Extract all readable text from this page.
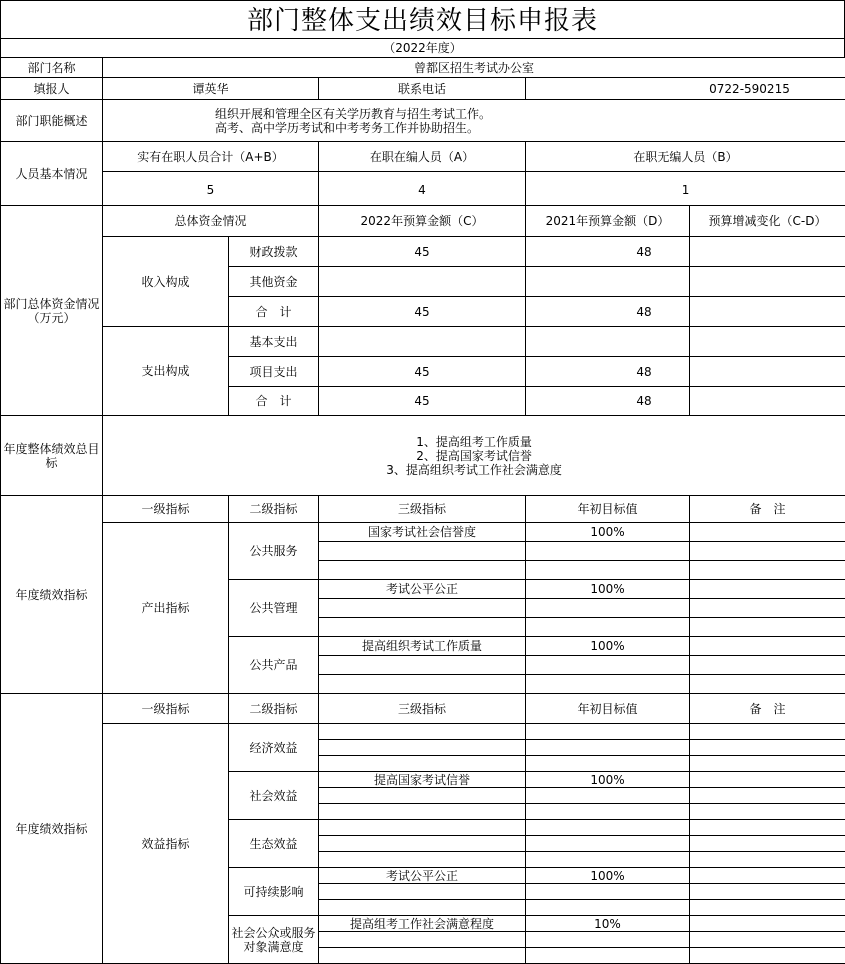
部门整体支出绩效目标申报表
（2022年度）
部门名称	曾都区招生考试办公室				
填报人	谭英华		联系电话	0722-590215	
部门职能概述	组织开展和管理全区有关学历教育与招生考试工作。
高考、高中学历考试和中考考务工作并协助招生。				

人员基本情况	实有在职人员合计（A+B）		在职在编人员（A）	在职无编人员（B）	
	5		4	1	
部门总体资金情况（万元）	总体资金情况		2022年预算金额（C）	2021年预算金额（D）	预算增减变化（C-D）
	收入构成	财政拨款	45	48	
		其他资金			
		合　计	45	48	
	支出构成	基本支出			
		项目支出	45	48	
		合　计	45	48	
年度整体绩效总目标	1、提高组考工作质量
2、提高国家考试信誉
3、提高组织考试工作社会满意度				

年度绩效指标	一级指标	二级指标	三级指标	年初目标值	备　注
	产出指标	公共服务	国家考试社会信誉度	100%	

		公共管理	考试公平公正	100%	

		公共产品	提高组织考试工作质量	100%	

年度绩效指标	一级指标	二级指标	三级指标	年初目标值	备　注
	效益指标	经济效益			

		社会效益	提高国家考试信誉	100%	

		生态效益			

		可持续影响	考试公平公正	100%	

		社会公众或服务对象满意度	提高组考工作社会满意程度	10%	
